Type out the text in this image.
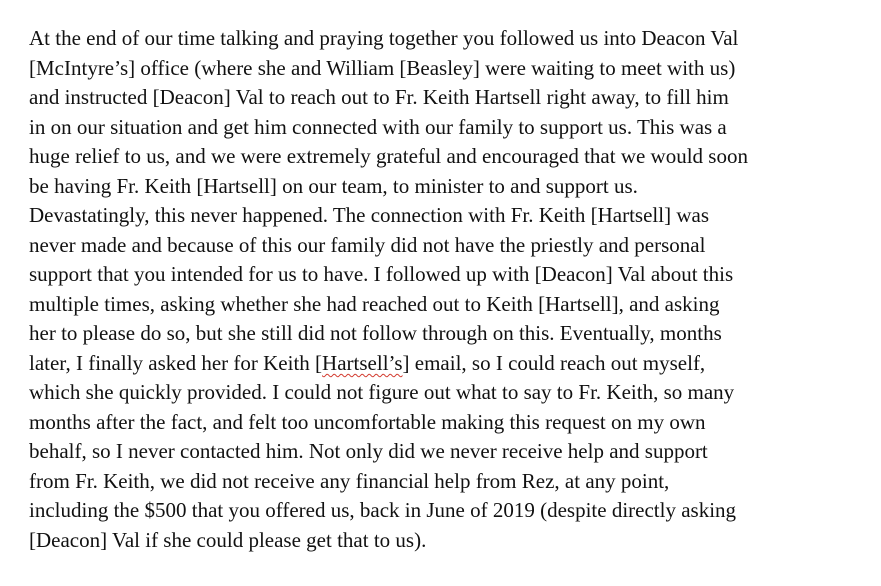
At the end of our time talking and praying together you followed us into Deacon Val
[McIntyre’s] office (where she and William [Beasley] were waiting to meet with us)
and instructed [Deacon] Val to reach out to Fr. Keith Hartsell right away, to fill him
in on our situation and get him connected with our family to support us. This was a
huge relief to us, and we were extremely grateful and encouraged that we would soon
be having Fr. Keith [Hartsell] on our team, to minister to and support us.
Devastatingly, this never happened. The connection with Fr. Keith [Hartsell] was
never made and because of this our family did not have the priestly and personal
support that you intended for us to have. I followed up with [Deacon] Val about this
multiple times, asking whether she had reached out to Keith [Hartsell], and asking
her to please do so, but she still did not follow through on this. Eventually, months
later, I finally asked her for Keith [Hartsell’s] email, so I could reach out myself,
which she quickly provided. I could not figure out what to say to Fr. Keith, so many
months after the fact, and felt too uncomfortable making this request on my own
behalf, so I never contacted him. Not only did we never receive help and support
from Fr. Keith, we did not receive any financial help from Rez, at any point,
including the $500 that you offered us, back in June of 2019 (despite directly asking
[Deacon] Val if she could please get that to us).
